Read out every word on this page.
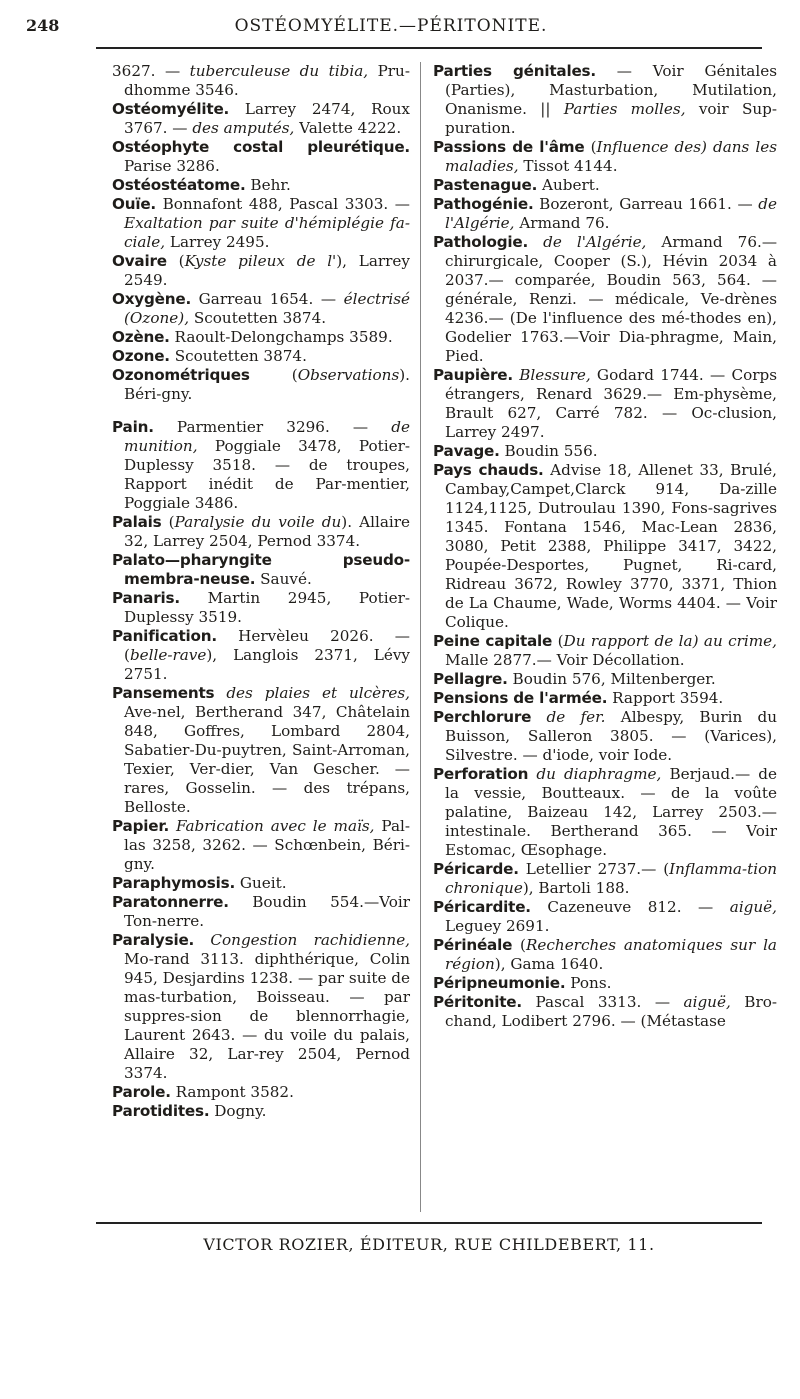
248	OSTÉOMYÉLITE.—PÉRITONITE.
3627. — tuberculeuse du tibia, Pru-dhomme 3546.
Ostéomyélite. Larrey 2474, Roux 3767. — des amputés, Valette 4222.
Ostéophyte costal pleurétique. Parise 3286.
Ostéostéatome. Behr.
Ouïe. Bonnafont 488, Pascal 3303. — Exaltation par suite d'hémiplégie fa-ciale, Larrey 2495.
Ovaire (Kyste pileux de l'), Larrey 2549.
Oxygène. Garreau 1654. — électrisé (Ozone), Scoutetten 3874.
Ozène. Raoult-Delongchamps 3589.
Ozone. Scoutetten 3874.
Ozonométriques (Observations). Béri-gny.
Pain. Parmentier 3296. — de munition, Poggiale 3478, Potier-Duplessy 3518. — de troupes, Rapport inédit de Par-mentier, Poggiale 3486.
Palais (Paralysie du voile du). Allaire 32, Larrey 2504, Pernod 3374.
Palato—pharyngite pseudo-membra-neuse. Sauvé.
Panaris. Martin 2945, Potier-Duplessy 3519.
Panification. Hervèleu 2026. — (belle-rave), Langlois 2371, Lévy 2751.
Pansements des plaies et ulcères, Ave-nel, Bertherand 347, Châtelain 848, Goffres, Lombard 2804, Sabatier-Du-puytren, Saint-Arroman, Texier, Ver-dier, Van Gescher. — rares, Gosselin. — des trépans, Belloste.
Papier. Fabrication avec le maïs, Pal-las 3258, 3262. — Schœnbein, Béri-gny.
Paraphymosis. Gueit.
Paratonnerre. Boudin 554.—Voir Ton-nerre.
Paralysie. Congestion rachidienne, Mo-rand 3113. diphthérique, Colin 945, Desjardins 1238. — par suite de mas-turbation, Boisseau. — par suppres-sion de blennorrhagie, Laurent 2643. — du voile du palais, Allaire 32, Lar-rey 2504, Pernod 3374.
Parole. Rampont 3582.
Parotidites. Dogny.
Parties génitales. — Voir Génitales (Parties), Masturbation, Mutilation, Onanisme. || Parties molles, voir Sup-puration.
Passions de l'âme (Influence des) dans les maladies, Tissot 4144.
Pastenague. Aubert.
Pathogénie. Bozeront, Garreau 1661. — de l'Algérie, Armand 76.
Pathologie. de l'Algérie, Armand 76.— chirurgicale, Cooper (S.), Hévin 2034 à 2037.— comparée, Boudin 563, 564. — générale, Renzi. — médicale, Ve-drènes 4236.— (De l'influence des mé-thodes en), Godelier 1763.—Voir Dia-phragme, Main, Pied.
Paupière. Blessure, Godard 1744. — Corps étrangers, Renard 3629.— Em-physème, Brault 627, Carré 782. — Oc-clusion, Larrey 2497.
Pavage. Boudin 556.
Pays chauds. Advise 18, Allenet 33, Brulé, Cambay,Campet,Clarck 914, Da-zille 1124,1125, Dutroulau 1390, Fons-sagrives 1345. Fontana 1546, Mac-Lean 2836, 3080, Petit 2388, Philippe 3417, 3422, Poupée-Desportes, Pugnet, Ri-card, Ridreau 3672, Rowley 3770, 3371, Thion de La Chaume, Wade, Worms 4404. — Voir Colique.
Peine capitale (Du rapport de la) au crime, Malle 2877.— Voir Décollation.
Pellagre. Boudin 576, Miltenberger.
Pensions de l'armée. Rapport 3594.
Perchlorure de fer. Albespy, Burin du Buisson, Salleron 3805. — (Varices), Silvestre. — d'iode, voir Iode.
Perforation du diaphragme, Berjaud.— de la vessie, Boutteaux. — de la voûte palatine, Baizeau 142, Larrey 2503.— intestinale. Bertherand 365. — Voir Estomac, Œsophage.
Péricarde. Letellier 2737.— (Inflamma-tion chronique), Bartoli 188.
Péricardite. Cazeneuve 812. — aiguë, Leguey 2691.
Périnéale (Recherches anatomiques sur la région), Gama 1640.
Péripneumonie. Pons.
Péritonite. Pascal 3313. — aiguë, Bro-chand, Lodibert 2796. — (Métastase
VICTOR ROZIER, ÉDITEUR, RUE CHILDEBERT, 11.
